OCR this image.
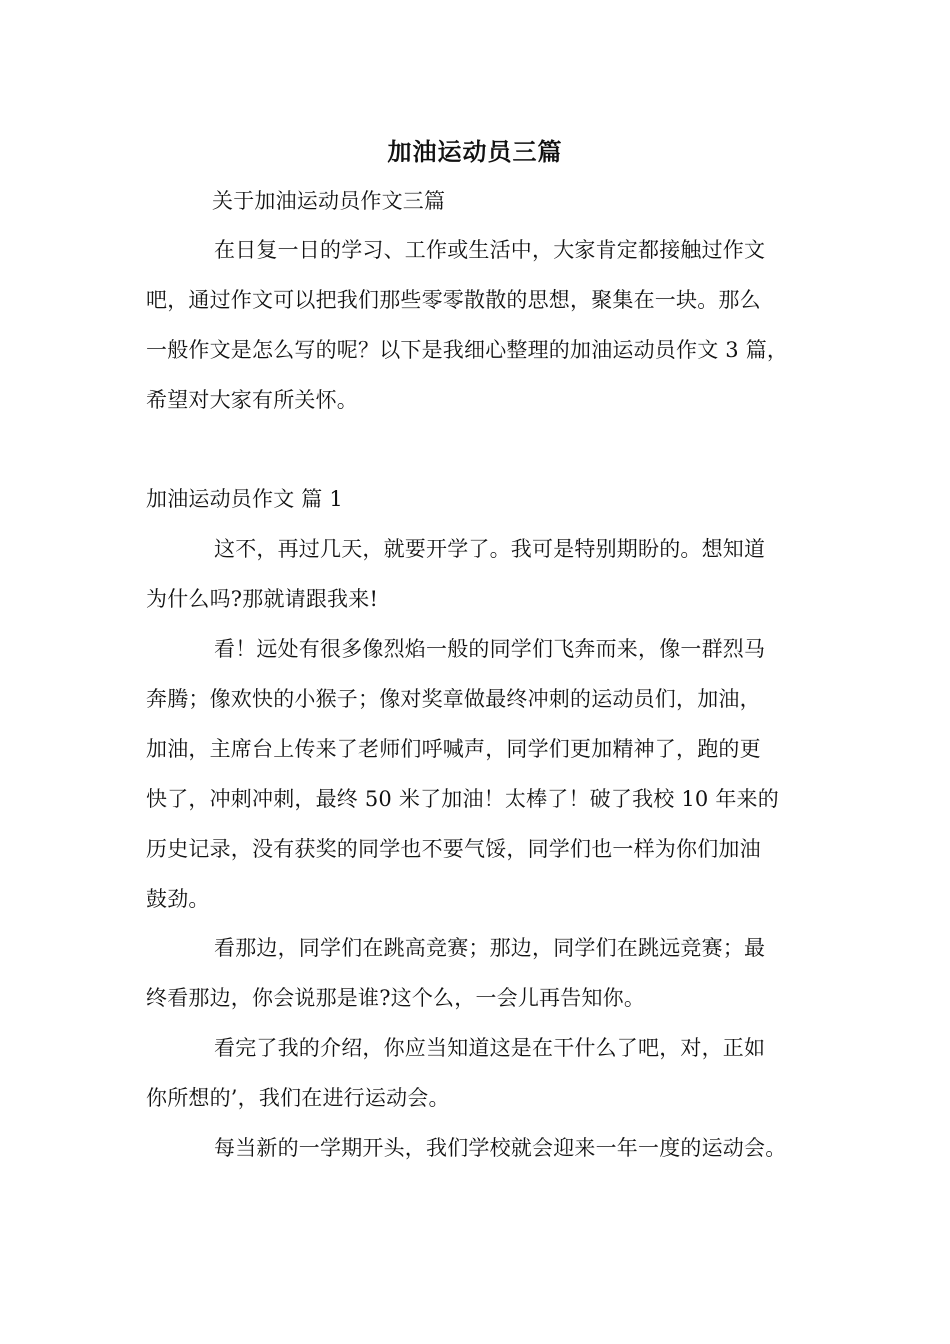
加油运动员三篇
关于加油运动员作文三篇
在日复一日的学习、工作或生活中，大家肯定都接触过作文
吧，通过作文可以把我们那些零零散散的思想，聚集在一块。那么
一般作文是怎么写的呢？以下是我细心整理的加油运动员作文 3 篇，
希望对大家有所关怀。
加油运动员作文 篇 1
这不，再过几天，就要开学了。我可是特别期盼的。想知道
为什么吗?那就请跟我来!
看！远处有很多像烈焰一般的同学们飞奔而来，像一群烈马
奔腾；像欢快的小猴子；像对奖章做最终冲刺的运动员们，加油，
加油，主席台上传来了老师们呼喊声，同学们更加精神了，跑的更
快了，冲刺冲刺，最终 50 米了加油！太棒了！破了我校 10 年来的
历史记录，没有获奖的同学也不要气馁，同学们也一样为你们加油
鼓劲。
看那边，同学们在跳高竞赛；那边，同学们在跳远竞赛；最
终看那边，你会说那是谁?这个么，一会儿再告知你。
看完了我的介绍，你应当知道这是在干什么了吧，对，正如
你所想的’，我们在进行运动会。
每当新的一学期开头，我们学校就会迎来一年一度的运动会。
